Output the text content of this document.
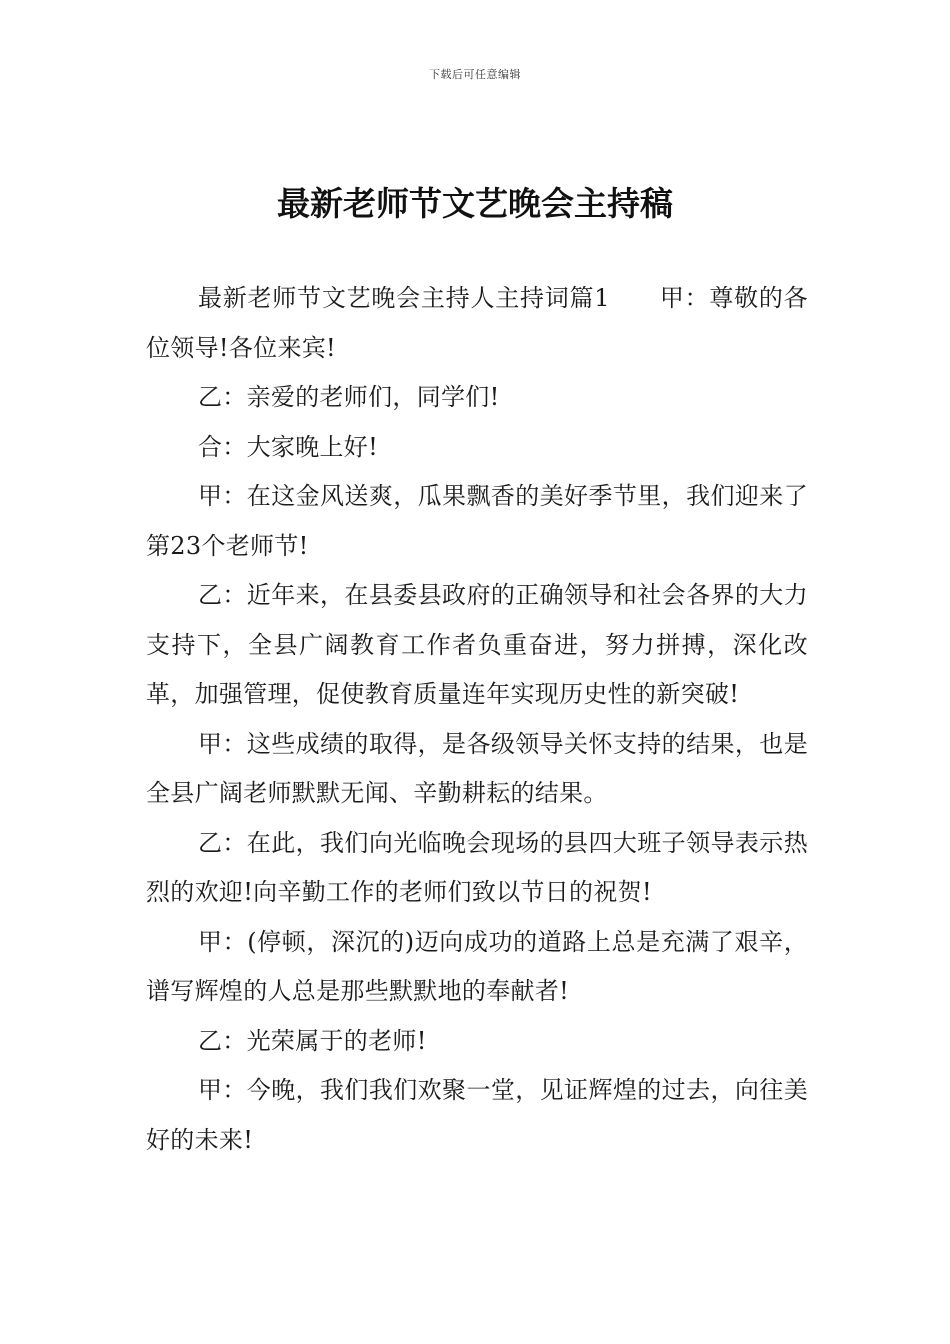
下载后可任意编辑
最新老师节文艺晚会主持稿

最新老师节文艺晚会主持人主持词篇1　　甲：尊敬的各位领导!各位来宾!

乙：亲爱的老师们，同学们!

合：大家晚上好!

甲：在这金风送爽，瓜果飘香的美好季节里，我们迎来了第23个老师节!

乙：近年来，在县委县政府的正确领导和社会各界的大力支持下，全县广阔教育工作者负重奋进，努力拼搏，深化改革，加强管理，促使教育质量连年实现历史性的新突破!

甲：这些成绩的取得，是各级领导关怀支持的结果，也是全县广阔老师默默无闻、辛勤耕耘的结果。

乙：在此，我们向光临晚会现场的县四大班子领导表示热烈的欢迎!向辛勤工作的老师们致以节日的祝贺!

甲：(停顿，深沉的)迈向成功的道路上总是充满了艰辛，谱写辉煌的人总是那些默默地的奉献者!

乙：光荣属于的老师!

甲：今晚，我们我们欢聚一堂，见证辉煌的过去，向往美好的未来!
